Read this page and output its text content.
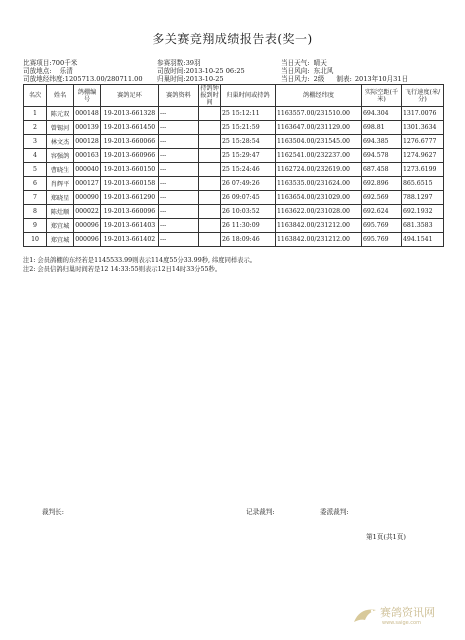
多关赛竞翔成绩报告表(奖一)
比赛项目:700千米
司放地点: 乐清
司放地经纬度:1205713.00/280711.00
参赛羽数:39羽
司放时间:2013-10-25 06:25
归巢时间:2013-10-25
当日天气: 晴天
当日风向: 东北风
当日风力: 2级 制表: 2013年10月31日
名次	姓名	鸽棚编号	赛鸽足环	赛鸽资料	持鸽钟报到时间	归巢时间或持鸽	鸽棚经纬度	实际空距(千米)	飞行速度(米/分)
1	陈元双	000148	19-2013-661328	---		25 15:12:11	1163557.00/231510.00	694.304	1317.0076
2	曾锡河	000139	19-2013-661450	---		25 15:21:59	1163647.00/231129.00	698.81	1301.3634
3	林文杰	000128	19-2013-660066	---		25 15:28:54	1163504.00/231545.00	694.385	1276.6777
4	容强鸽	000163	19-2013-660966	---		25 15:29:47	1162541.00/232237.00	694.578	1274.9627
5	曹晓生	000040	19-2013-660150	---		25 15:24:46	1162724.00/232619.00	687.458	1273.6199
6	肖辉平	000127	19-2013-660158	---		26 07:49:26	1163535.00/231624.00	692.896	865.6515
7	郑晓星	000090	19-2013-661290	---		26 09:07:45	1163654.00/231029.00	692.569	788.1297
8	陈灶顺	000022	19-2013-660096	---		26 10:03:52	1163622.00/231028.00	692.624	692.1932
9	郑宜城	000096	19-2013-661403	---		26 11:30:09	1163842.00/231212.00	695.769	681.3583
10	郑宜城	000096	19-2013-661402	---		26 18:09:46	1163842.00/231212.00	695.769	494.1541
注1: 会员鸽棚的东经若是1145533.99则表示114度55分33.99秒, 纬度同样表示。
注2: 会员信鸽归巢时间若是12 14:33:55则表示12日14时33分55秒。
裁判长:	记录裁判:	委派裁判:
第1页(共1页)
赛鸽资讯网
www.saige.com
